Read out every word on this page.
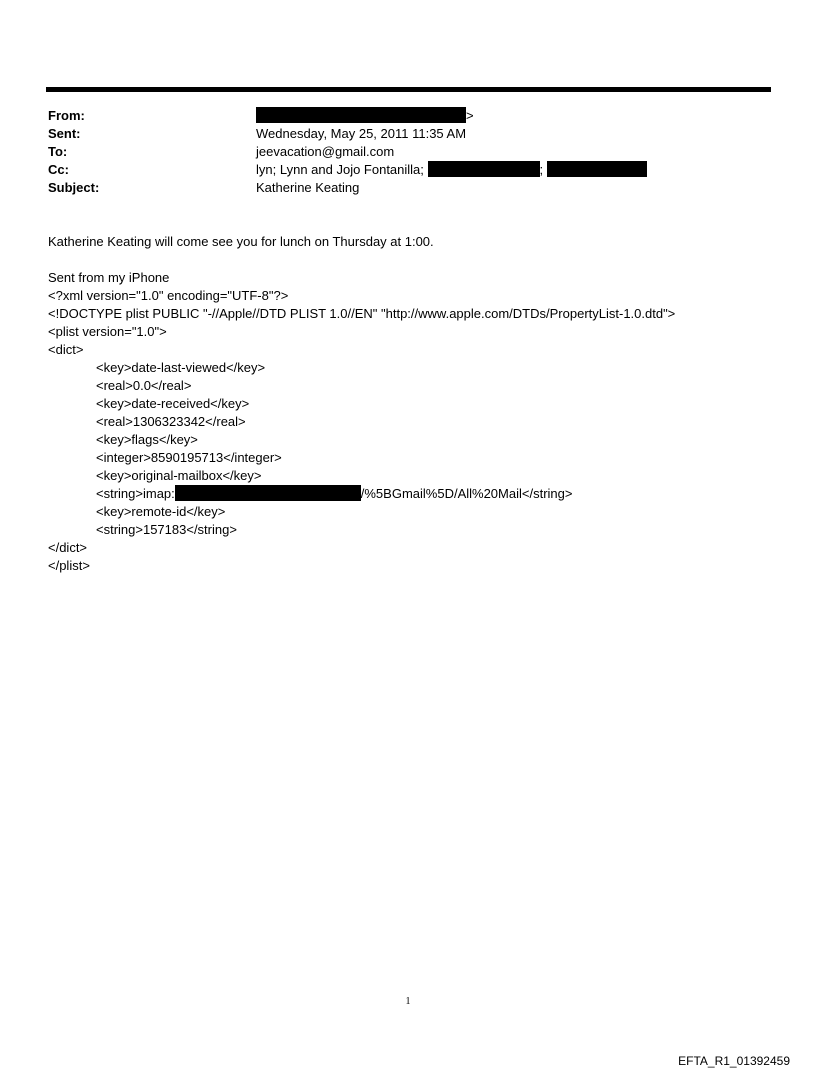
From:	>
Sent:	Wednesday, May 25, 2011 11:35 AM
To:	jeevacation@gmail.com
Cc:	lyn; Lynn and Jojo Fontanilla;	;
Subject:	Katherine Keating
Katherine Keating will come see you for lunch on Thursday at 1:00.
Sent from my iPhone
<?xml version="1.0" encoding="UTF-8"?>
<!DOCTYPE plist PUBLIC "-//Apple//DTD PLIST 1.0//EN" "http://www.apple.com/DTDs/PropertyList-1.0.dtd">
<plist version="1.0">
<dict>
<key>date-last-viewed</key>
<real>0.0</real>
<key>date-received</key>
<real>1306323342</real>
<key>flags</key>
<integer>8590195713</integer>
<key>original-mailbox</key>
<string>imap:	/%5BGmail%5D/All%20Mail</string>
<key>remote-id</key>
<string>157183</string>
</dict>
</plist>
1
EFTA_R1_01392459
